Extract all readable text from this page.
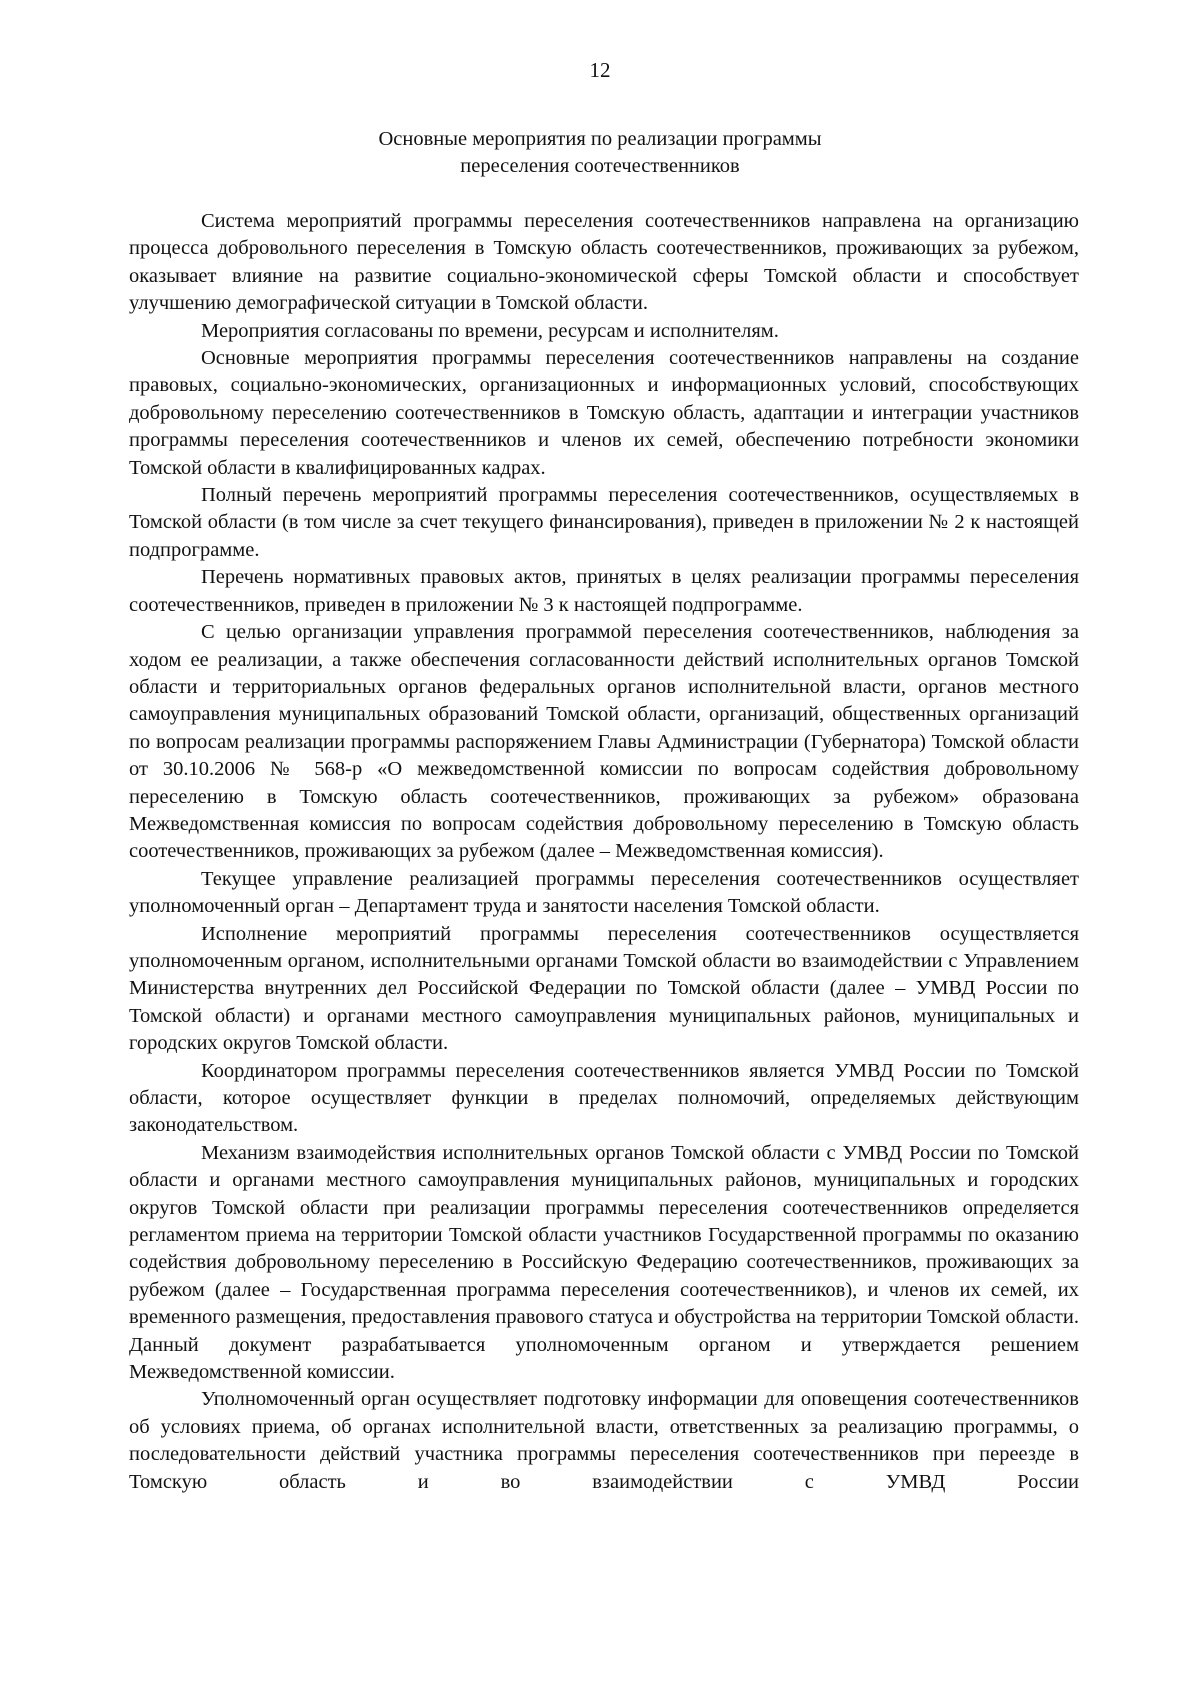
12
Основные мероприятия по реализации программы
переселения соотечественников

Система мероприятий программы переселения соотечественников направлена на организацию процесса добровольного переселения в Томскую область соотечественников, проживающих за рубежом, оказывает влияние на развитие социально-экономической сферы Томской области и способствует улучшению демографической ситуации в Томской области.

Мероприятия согласованы по времени, ресурсам и исполнителям.

Основные мероприятия программы переселения соотечественников направлены на создание правовых, социально-экономических, организационных и информационных условий, способствующих добровольному переселению соотечественников в Томскую область, адаптации и интеграции участников программы переселения соотечественников и членов их семей, обеспечению потребности экономики Томской области в квалифицированных кадрах.

Полный перечень мероприятий программы переселения соотечественников, осуществляемых в Томской области (в том числе за счет текущего финансирования), приведен в приложении № 2 к настоящей подпрограмме.

Перечень нормативных правовых актов, принятых в целях реализации программы переселения соотечественников, приведен в приложении № 3 к настоящей подпрограмме.

С целью организации управления программой переселения соотечественников, наблюдения за ходом ее реализации, а также обеспечения согласованности действий исполнительных органов Томской области и территориальных органов федеральных органов исполнительной власти, органов местного самоуправления муниципальных образований Томской области, организаций, общественных организаций по вопросам реализации программы распоряжением Главы Администрации (Губернатора) Томской области от 30.10.2006 № 568-р «О межведомственной комиссии по вопросам содействия добровольному переселению в Томскую область соотечественников, проживающих за рубежом» образована Межведомственная комиссия по вопросам содействия добровольному переселению в Томскую область соотечественников, проживающих за рубежом (далее – Межведомственная комиссия).

Текущее управление реализацией программы переселения соотечественников осуществляет уполномоченный орган – Департамент труда и занятости населения Томской области.

Исполнение мероприятий программы переселения соотечественников осуществляется уполномоченным органом, исполнительными органами Томской области во взаимодействии с Управлением Министерства внутренних дел Российской Федерации по Томской области (далее – УМВД России по Томской области) и органами местного самоуправления муниципальных районов, муниципальных и городских округов Томской области.

Координатором программы переселения соотечественников является УМВД России по Томской области, которое осуществляет функции в пределах полномочий, определяемых действующим законодательством.

Механизм взаимодействия исполнительных органов Томской области с УМВД России по Томской области и органами местного самоуправления муниципальных районов, муниципальных и городских округов Томской области при реализации программы переселения соотечественников определяется регламентом приема на территории Томской области участников Государственной программы по оказанию содействия добровольному переселению в Российскую Федерацию соотечественников, проживающих за рубежом (далее – Государственная программа переселения соотечественников), и членов их семей, их временного размещения, предоставления правового статуса и обустройства на территории Томской области. Данный документ разрабатывается уполномоченным органом и утверждается решением Межведомственной комиссии.

Уполномоченный орган осуществляет подготовку информации для оповещения соотечественников об условиях приема, об органах исполнительной власти, ответственных за реализацию программы, о последовательности действий участника программы переселения соотечественников при переезде в Томскую область и во взаимодействии с УМВД России
